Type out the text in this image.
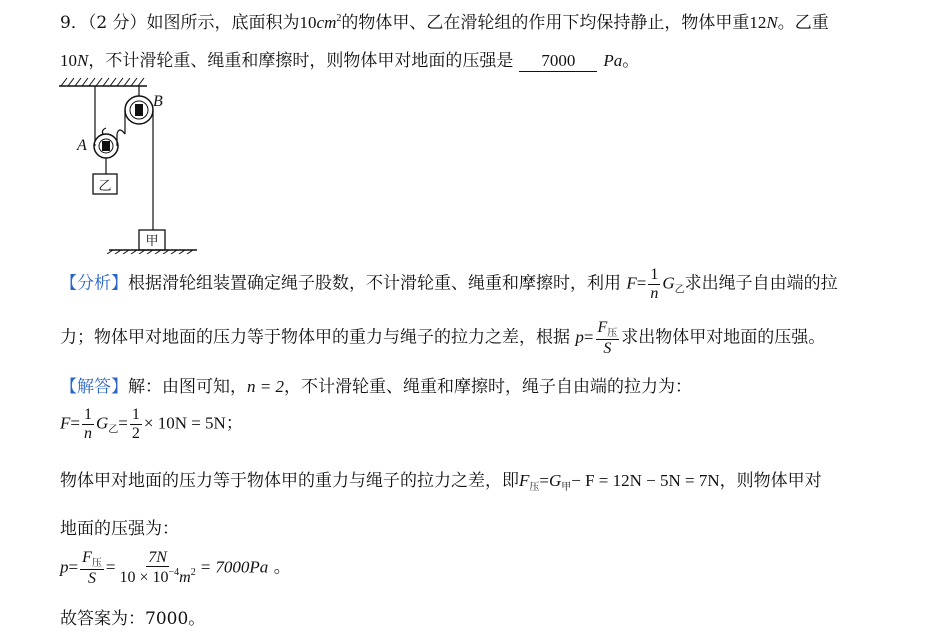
9．（2 分）如图所示，底面积为$10cm^2$的物体甲、乙在滑轮组的作用下均保持静止，物体甲重12N。乙重
10N，不计滑轮重、绳重和摩擦时，则物体甲对地面的压强是 7000 Pa。
B
A
乙
甲
【分析】根据滑轮组装置确定绳子股数，不计滑轮重、绳重和摩擦时，利用 $F= \frac{1}{n} G_乙$求出绳子自由端的拉
力；物体甲对地面的压力等于物体甲的重力与绳子的拉力之差，根据 $p= \frac{F_压}{S}$ 求出物体甲对地面的压强。
【解答】解：由图可知，n = 2，不计滑轮重、绳重和摩擦时，绳子自由端的拉力为：
$F= \frac{1}{n} G_乙= \frac{1}{2} \times 10N = 5N$；
物体甲对地面的压力等于物体甲的重力与绳子的拉力之差，即$F_压=G_甲- F = 12N - 5N = 7N$，则物体甲对
地面的压强为：
$p= \frac{F_压}{S} = \frac{7N}{10 \times 10^{-4}m^2} = 7000Pa$ 。
故答案为：7000。
